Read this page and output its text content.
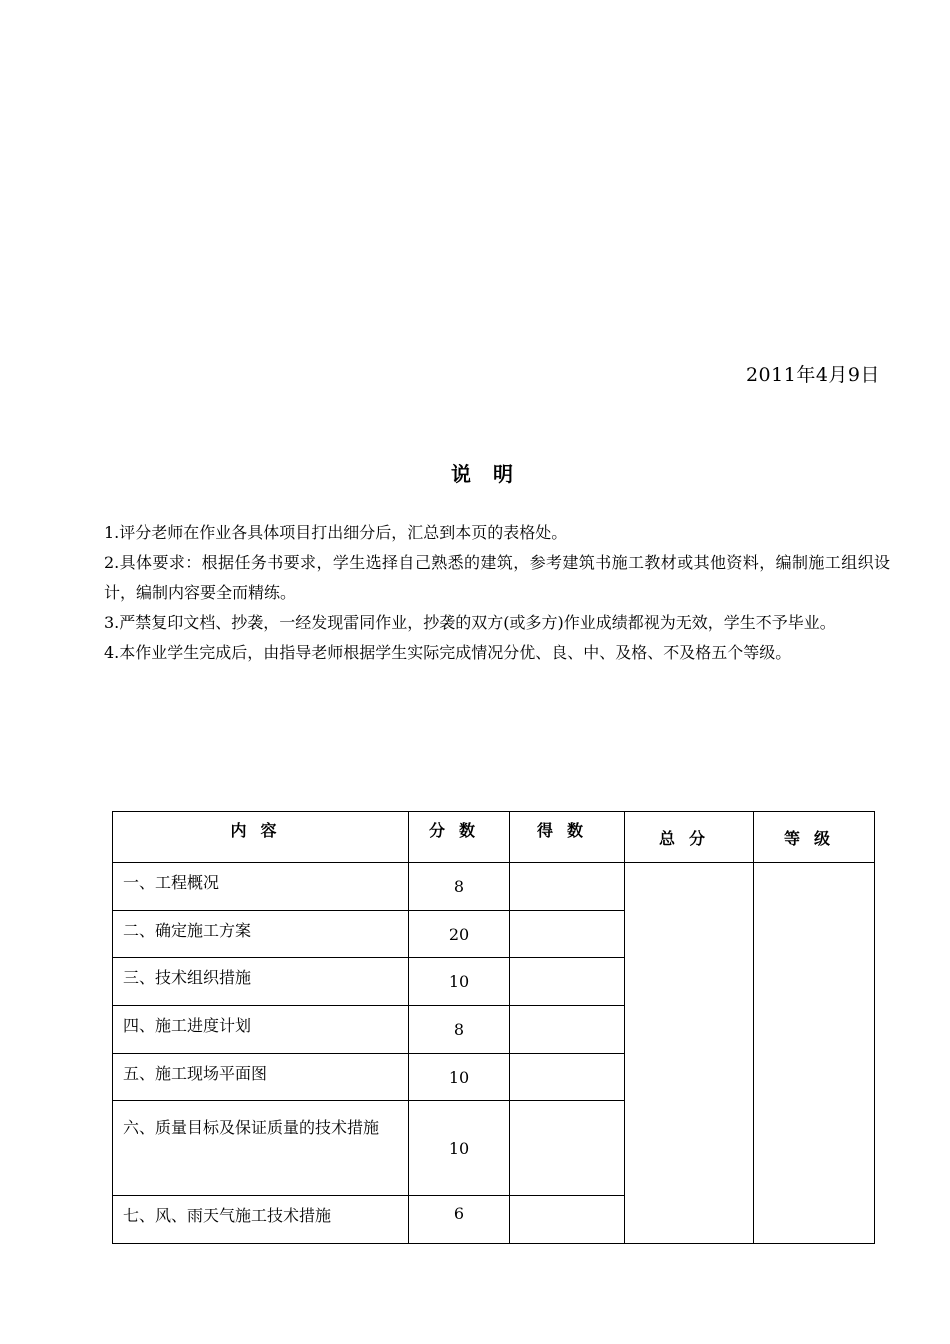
2011年4月9日
说明

1.评分老师在作业各具体项目打出细分后，汇总到本页的表格处。

2.具体要求：根据任务书要求，学生选择自己熟悉的建筑，参考建筑书施工教材或其他资料，编制施工组织设计，编制内容要全而精练。

3.严禁复印文档、抄袭，一经发现雷同作业，抄袭的双方(或多方)作业成绩都视为无效，学生不予毕业。

4.本作业学生完成后，由指导老师根据学生实际完成情况分优、良、中、及格、不及格五个等级。

内容	分数	得数	总分	等级
一、工程概况	8			
二、确定施工方案	20			
三、技术组织措施	10			
四、施工进度计划	8			
五、施工现场平面图	10			
六、质量目标及保证质量的技术措施	10			
七、风、雨天气施工技术措施	6			
